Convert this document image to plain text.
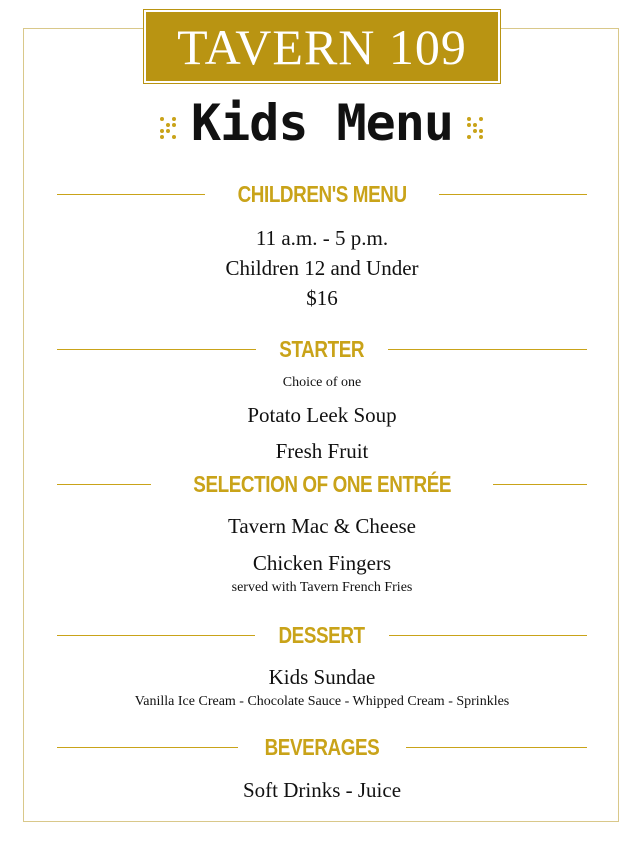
TAVERN 109
Kids Menu
CHILDREN'S MENU
11 a.m. - 5 p.m.
Children 12 and Under
$16
STARTER
Choice of one
Potato Leek Soup
Fresh Fruit
SELECTION OF ONE ENTRÉE
Tavern Mac & Cheese
Chicken Fingers
served with Tavern French Fries
DESSERT
Kids Sundae
Vanilla Ice Cream - Chocolate Sauce - Whipped Cream - Sprinkles
BEVERAGES
Soft Drinks - Juice
